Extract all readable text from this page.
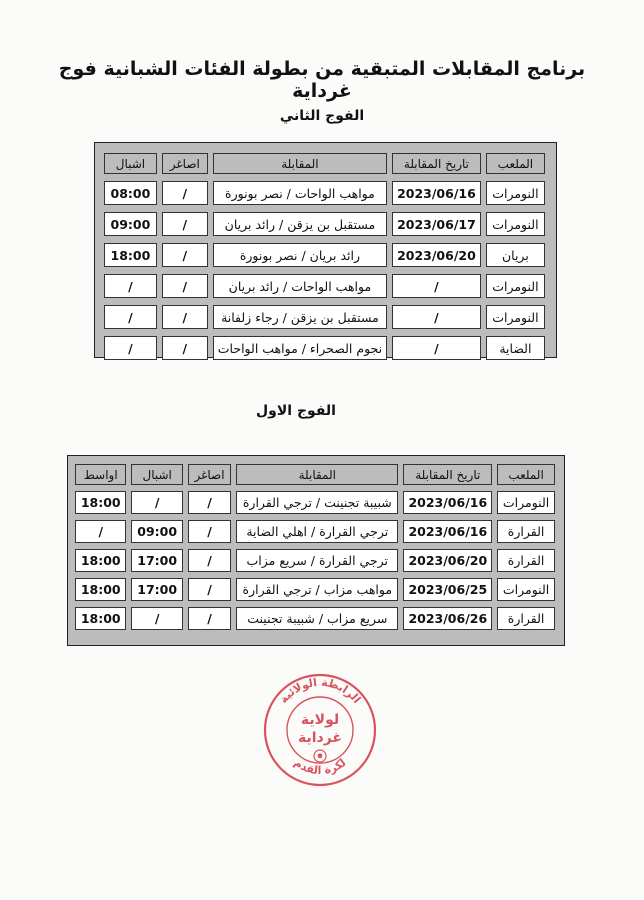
برنامج المقابلات المتبقية من بطولة الفئات الشبانية فوج غرداية
الفوج الثاني
الملعب	تاريخ المقابلة	المقابلة	اصاغر	اشبال
النومرات	2023/06/16	مواهب الواحات / نصر بونورة	/	08:00
النومرات	2023/06/17	مستقبل بن يزقن / رائد بريان	/	09:00
بريان	2023/06/20	رائد بريان / نصر بونورة	/	18:00
النومرات	/	مواهب الواحات / رائد بريان	/	/
النومرات	/	مستقبل بن يزقن / رجاء زلفانة	/	/
الضاية	/	نجوم الصحراء / مواهب الواحات	/	/
الفوج الاول
الملعب	تاريخ المقابلة	المقابلة	اصاغر	اشبال	اواسط
النومرات	2023/06/16	شبيبة تجنينت / ترجي القرارة	/	/	18:00
القرارة	2023/06/16	ترجي القرارة / اهلي الضاية	/	09:00	/
القرارة	2023/06/20	ترجي القرارة / سريع مزاب	/	17:00	18:00
النومرات	2023/06/25	مواهب مزاب / ترجي القرارة	/	17:00	18:00
القرارة	2023/06/26	سريع مزاب / شبيبة تجنينت	/	/	18:00
الرابطة الولائية
لكرة القدم
لولاية
غرداية
